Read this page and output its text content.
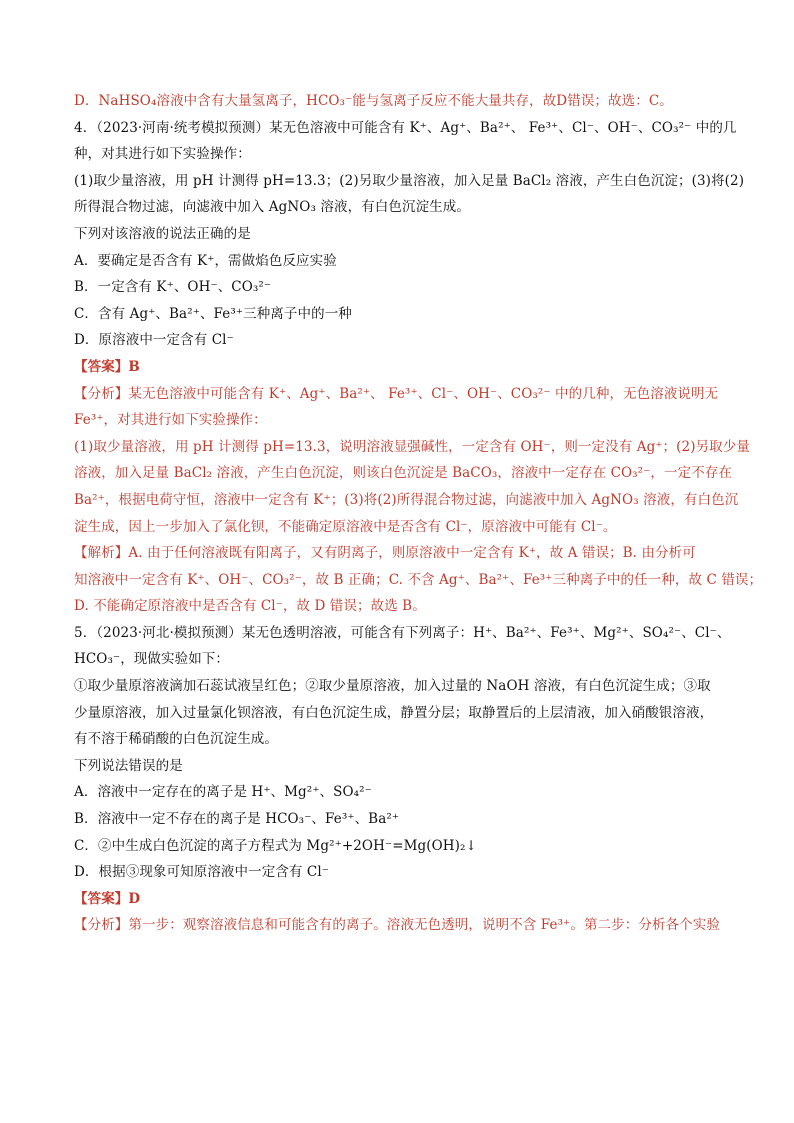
D．NaHSO₄溶液中含有大量氢离子，HCO₃⁻能与氢离子反应不能大量共存，故D错误；故选：C。
4．（2023·河南·统考模拟预测）某无色溶液中可能含有 K⁺、Ag⁺、Ba²⁺、 Fe³⁺、Cl⁻、OH⁻、CO₃²⁻ 中的几
种，对其进行如下实验操作：
(1)取少量溶液，用 pH 计测得 pH=13.3；(2)另取少量溶液，加入足量 BaCl₂ 溶液，产生白色沉淀；(3)将(2)
所得混合物过滤，向滤液中加入 AgNO₃ 溶液，有白色沉淀生成。
下列对该溶液的说法正确的是
A．要确定是否含有 K⁺，需做焰色反应实验
B．一定含有 K⁺、OH⁻、CO₃²⁻
C．含有 Ag⁺、Ba²⁺、Fe³⁺三种离子中的一种
D．原溶液中一定含有 Cl⁻
【答案】B
【分析】某无色溶液中可能含有 K⁺、Ag⁺、Ba²⁺、 Fe³⁺、Cl⁻、OH⁻、CO₃²⁻ 中的几种，无色溶液说明无
Fe³⁺，对其进行如下实验操作：
(1)取少量溶液，用 pH 计测得 pH=13.3，说明溶液显强碱性，一定含有 OH⁻，则一定没有 Ag⁺；(2)另取少量
溶液，加入足量 BaCl₂ 溶液，产生白色沉淀，则该白色沉淀是 BaCO₃，溶液中一定存在 CO₃²⁻，一定不存在
Ba²⁺，根据电荷守恒，溶液中一定含有 K⁺；(3)将(2)所得混合物过滤，向滤液中加入 AgNO₃ 溶液，有白色沉
淀生成，因上一步加入了氯化钡，不能确定原溶液中是否含有 Cl⁻，原溶液中可能有 Cl⁻。
【解析】A. 由于任何溶液既有阳离子，又有阴离子，则原溶液中一定含有 K⁺，故 A 错误；B. 由分析可
知溶液中一定含有 K⁺、OH⁻、CO₃²⁻，故 B 正确；C. 不含 Ag⁺、Ba²⁺、Fe³⁺三种离子中的任一种，故 C 错误；
D. 不能确定原溶液中是否含有 Cl⁻，故 D 错误；故选 B。
5．（2023·河北·模拟预测）某无色透明溶液，可能含有下列离子：H⁺、Ba²⁺、Fe³⁺、Mg²⁺、SO₄²⁻、Cl⁻、
HCO₃⁻，现做实验如下：
①取少量原溶液滴加石蕊试液呈红色；②取少量原溶液，加入过量的 NaOH 溶液，有白色沉淀生成；③取
少量原溶液，加入过量氯化钡溶液，有白色沉淀生成，静置分层；取静置后的上层清液，加入硝酸银溶液，
有不溶于稀硝酸的白色沉淀生成。
下列说法错误的是
A．溶液中一定存在的离子是 H⁺、Mg²⁺、SO₄²⁻
B．溶液中一定不存在的离子是 HCO₃⁻、Fe³⁺、Ba²⁺
C．②中生成白色沉淀的离子方程式为 Mg²⁺+2OH⁻=Mg(OH)₂↓
D．根据③现象可知原溶液中一定含有 Cl⁻
【答案】D
【分析】第一步：观察溶液信息和可能含有的离子。溶液无色透明，说明不含 Fe³⁺。第二步：分析各个实验
